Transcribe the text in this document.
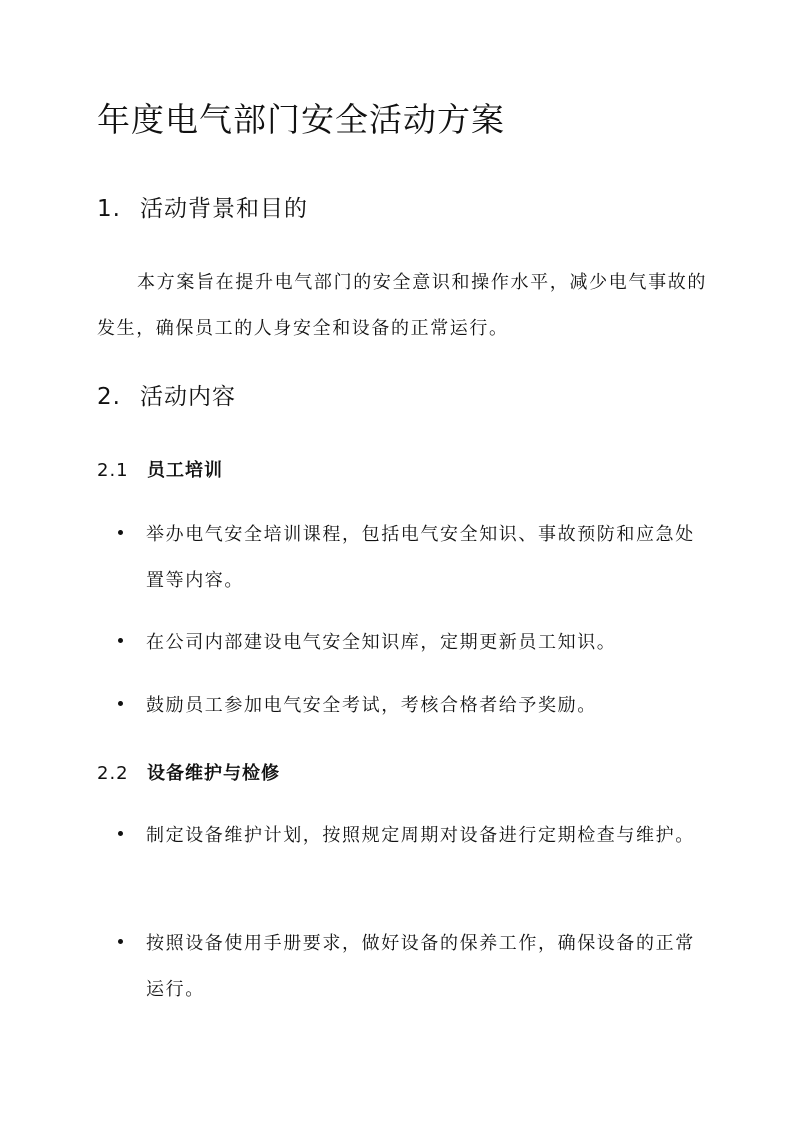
年度电气部门安全活动方案
1. 活动背景和目的
本方案旨在提升电气部门的安全意识和操作水平，减少电气事故的发生，确保员工的人身安全和设备的正常运行。
2. 活动内容
2.1 员工培训
举办电气安全培训课程，包括电气安全知识、事故预防和应急处置等内容。
在公司内部建设电气安全知识库，定期更新员工知识。
鼓励员工参加电气安全考试，考核合格者给予奖励。
2.2 设备维护与检修
制定设备维护计划，按照规定周期对设备进行定期检查与维护。
按照设备使用手册要求，做好设备的保养工作，确保设备的正常运行。
